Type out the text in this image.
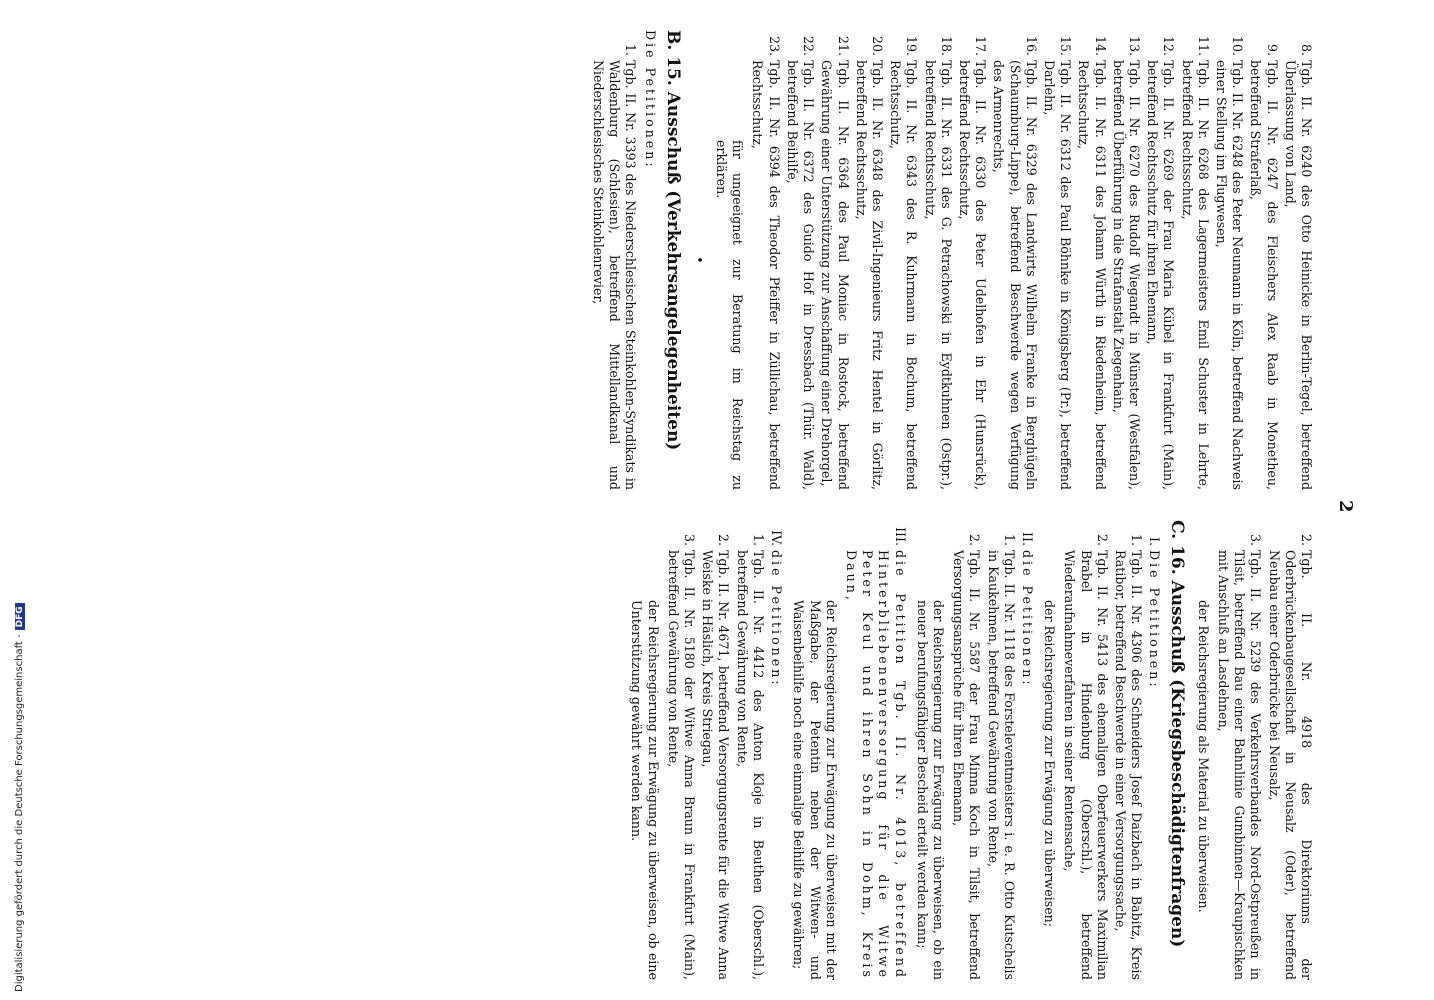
2
8.
Tgb. II. Nr. 6240 des Otto Heinicke in Berlin-Tegel, betreffend Überlassung von Land,
9.
Tgb. II. Nr. 6247 des Fleischers Alex Raab in Monetheu, betreffend Straferlaß,
10.
Tgb. II. Nr. 6248 des Peter Neumann in Köln, betreffend Nachweis einer Stellung im Flugwesen,
11.
Tgb. II. Nr. 6268 des Lagermeisters Emil Schuster in Lehrte, betreffend Rechtsschutz,
12.
Tgb. II. Nr. 6269 der Frau Maria Kübel in Frankfurt (Main), betreffend Rechtsschutz für ihren Ehemann,
13.
Tgb. II. Nr. 6270 des Rudolf Wiegandt in Münster (Westfalen), betreffend Überführung in die Strafanstalt Ziegenhain,
14.
Tgb. II. Nr. 6311 des Johann Würth in Riedenheim, betreffend Rechtsschutz,
15.
Tgb. II. Nr. 6312 des Paul Böhnke in Königsberg (Pr.), betreffend Darlehn,
16.
Tgb. II. Nr. 6329 des Landwirts Wilhelm Franke in Berghügeln (Schaumburg-Lippe), betreffend Beschwerde wegen Verfügung des Armenrechts,
17.
Tgb. II. Nr. 6330 des Peter Udelhofen in Ehr (Hunsrück), betreffend Rechtsschutz,
18.
Tgb. II. Nr. 6331 des G. Petrachowski in Eydtkuhnen (Ostpr.), betreffend Rechtsschutz,
19.
Tgb. II. Nr. 6343 des R. Kuhrmann in Bochum, betreffend Rechtsschutz,
20.
Tgb. II. Nr. 6348 des Zivil-Ingenieurs Fritz Hentel in Görlitz, betreffend Rechtsschutz,
21.
Tgb. II. Nr. 6364 des Paul Moniac in Rostock, betreffend Gewährung einer Unterstützung zur Anschaffung einer Drehorgel,
22.
Tgb. II. Nr. 6372 des Guido Hof in Dressbach (Thür. Wald), betreffend Beihilfe,
23.
Tgb. II. Nr. 6394 des Theodor Pfeiffer in Züllichau, betreffend Rechtsschutz,
für ungeeignet zur Beratung im Reichstag zu erklären.
•
B. 15. Ausschuß (Verkehrsangelegenheiten)
Die Petitionen:
1.
Tgb. II. Nr. 3393 des Niederschlesischen Steinkohlen-Syndikats in Waldenburg (Schlesien), betreffend Mittellandkanal und Niederschlesisches Steinkohlenrevier,
2.
Tgb. II. Nr. 4918 des Direktoriums der Oderbrückenbaugesellschaft in Neusalz (Oder), betreffend Neubau einer Oderbrücke bei Neusalz,
3.
Tgb. II. Nr. 5239 des Verkehrsverbandes Nord-Ostpreußen in Tilsit, betreffend Bau einer Bahnlinie Gumbinnen—Kraupischken mit Anschluß an Lasdehnen,
der Reichsregierung als Material zu überweisen.
C. 16. Ausschuß (Kriegsbeschädigtenfragen)
I.
Die Petitionen:
1.
Tgb. II. Nr. 4306 des Schneiders Josef Daizbach in Babitz, Kreis Ratibor, betreffend Beschwerde in einer Versorgungssache,
2.
Tgb. II. Nr. 5413 des ehemaligen Oberfeuerwerkers Maximilian Brabel in Hindenburg (Oberschl.), betreffend Wiederaufnahmeverfahren in seiner Rentensache,
der Reichsregierung zur Erwägung zu überweisen;
II.
die Petitionen:
1.
Tgb. II. Nr. 1118 des Forsteleventmeisters i. e. R. Otto Kutschelis in Kaukehmen, betreffend Gewährung von Rente,
2.
Tgb. II. Nr. 5587 der Frau Minna Koch in Tilsit, betreffend Versorgungsansprüche für ihren Ehemann,
der Reichsregierung zur Erwägung zu überweisen, ob ein neuer berufungsfähiger Bescheid erteilt werden kann;
III.
die Petition Tgb. II. Nr. 4013, betreffend Hinterbliebenenversorgung für die Witwe Peter Keul und ihren Sohn in Dohm, Kreis Daun,
der Reichsregierung zur Erwägung zu überweisen mit der Maßgabe, der Petentin neben der Witwen- und Waisenbeihilfe noch eine einmalige Beihilfe zu gewähren;
IV.
die Petitionen:
1.
Tgb. II. Nr. 4412 des Anton Kloje in Beuthen (Oberschl.), betreffend Gewährung von Rente,
2.
Tgb. II. Nr. 4671, betreffend Versorgungsrente für die Witwe Anna Weiske in Häslich, Kreis Striegau,
3.
Tgb. II. Nr. 5180 der Witwe Anna Braun in Frankfurt (Main), betreffend Gewährung von Rente,
der Reichsregierung zur Erwägung zu überweisen, ob eine Unterstützung gewährt werden kann.
Digitalisierung gefördert durch die Deutsche Forschungsgemeinschaft -DFG
